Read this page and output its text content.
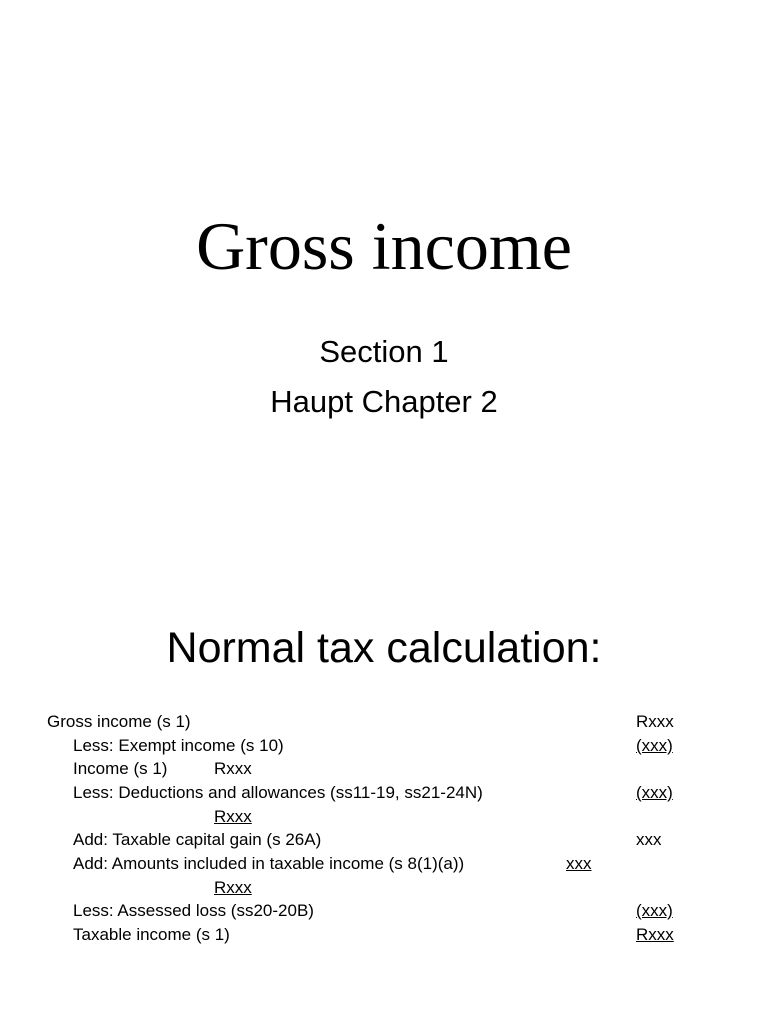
Gross income

Section 1

Haupt Chapter 2

Normal tax calculation:
Gross income (s 1)	Rxxx
Less: Exempt income (s 10)	(xxx)
Income (s 1)	Rxxx
Less: Deductions and allowances (ss11-19, ss21-24N)	(xxx)
Rxxx
Add: Taxable capital gain (s 26A)	xxx
Add: Amounts included in taxable income (s 8(1)(a))	xxx
Rxxx
Less: Assessed loss (ss20-20B)	(xxx)
Taxable income (s 1)	Rxxx
